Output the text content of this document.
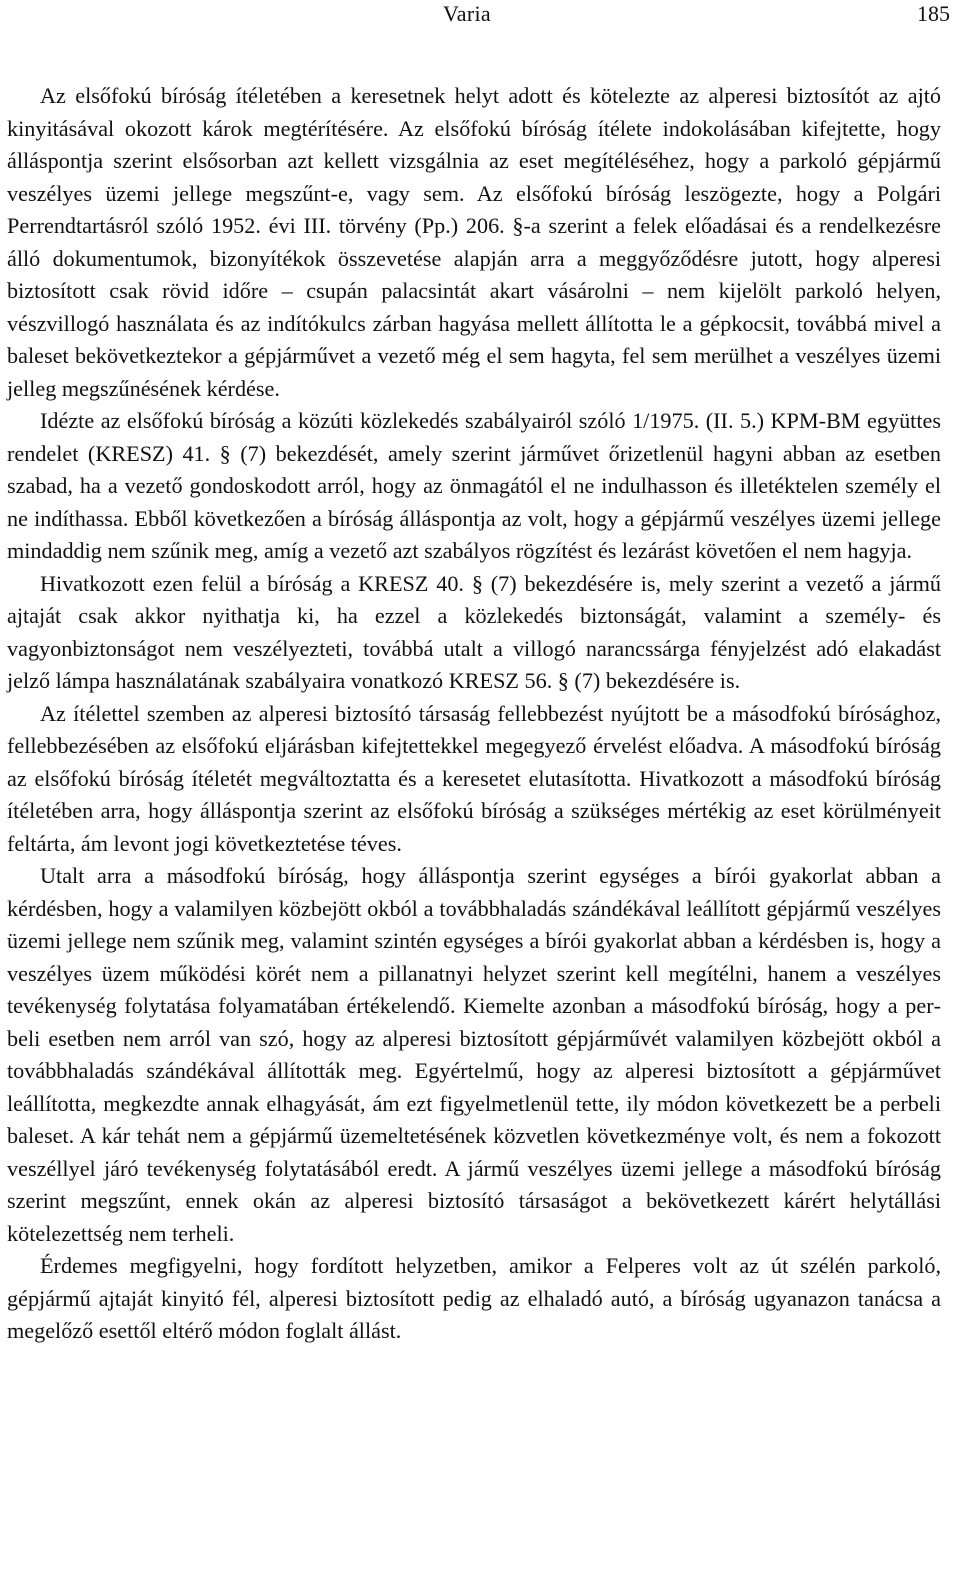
Varia	185

Az elsőfokú bíróság ítéletében a keresetnek helyt adott és kötelezte az alperesi biztosítót az ajtó kinyitásával okozott károk megtérítésére. Az elsőfokú bíróság ítélete indokolásában kifejtette, hogy álláspontja szerint elsősorban azt kellett vizsgálnia az eset megítéléséhez, hogy a parkoló gépjármű veszélyes üzemi jellege megszűnt-e, vagy sem. Az elsőfokú bíróság leszögezte, hogy a Polgári Perrendtartásról szóló 1952. évi III. törvény (Pp.) 206. §-a szerint a felek előadásai és a rendelkezésre álló dokumentumok, bizonyítékok összevetése alapján arra a meggyőződésre jutott, hogy alperesi biztosított csak rövid időre – csupán palacsintát akart vásárolni – nem kijelölt parkoló helyen, vészvillogó használata és az indítókulcs zárban hagyása mellett állította le a gépkocsit, továbbá mivel a baleset bekövetkeztekor a gépjárművet a vezető még el sem hagyta, fel sem merülhet a veszélyes üzemi jelleg megszűnésének kérdése.

Idézte az elsőfokú bíróság a közúti közlekedés szabályairól szóló 1/1975. (II. 5.) KPM-BM együttes rendelet (KRESZ) 41. § (7) bekezdését, amely szerint járművet őrizetlenül hagyni abban az esetben szabad, ha a vezető gondoskodott arról, hogy az önmagától el ne indulhasson és illetéktelen személy el ne indíthassa. Ebből következően a bíróság álláspontja az volt, hogy a gépjármű veszélyes üzemi jellege mindaddig nem szűnik meg, amíg a vezető azt szabályos rögzítést és lezárást követően el nem hagyja.

Hivatkozott ezen felül a bíróság a KRESZ 40. § (7) bekezdésére is, mely szerint a vezető a jármű ajtaját csak akkor nyithatja ki, ha ezzel a közlekedés biztonságát, valamint a személy- és vagyonbiztonságot nem veszélyezteti, továbbá utalt a villogó narancssárga fényjelzést adó elakadást jelző lámpa használatának szabályaira vonatkozó KRESZ 56. § (7) bekezdésére is.

Az ítélettel szemben az alperesi biztosító társaság fellebbezést nyújtott be a másodfokú bírósághoz, fellebbezésében az elsőfokú eljárásban kifejtettekkel megegyező érvelést előadva. A másodfokú bíróság az elsőfokú bíróság ítéletét megváltoztatta és a keresetet elutasította. Hivatkozott a másodfokú bíróság ítéletében arra, hogy álláspontja szerint az elsőfokú bíróság a szükséges mértékig az eset körülményeit feltárta, ám levont jogi következtetése téves.

Utalt arra a másodfokú bíróság, hogy álláspontja szerint egységes a bírói gyakorlat abban a kérdésben, hogy a valamilyen közbejött okból a továbbhaladás szándékával leállított gépjármű veszélyes üzemi jellege nem szűnik meg, valamint szintén egységes a bírói gyakorlat abban a kérdésben is, hogy a veszélyes üzem működési körét nem a pillanatnyi helyzet szerint kell megítélni, hanem a veszélyes tevékenység folytatása folyamatában értékelendő. Kiemelte azonban a másodfokú bíróság, hogy a perbeli esetben nem arról van szó, hogy az alperesi biztosított gépjárművét valamilyen közbejött okból a továbbhaladás szándékával állították meg. Egyértelmű, hogy az alperesi biztosított a gépjárművet leállította, megkezdte annak elhagyását, ám ezt figyelmetlenül tette, ily módon következett be a perbeli baleset. A kár tehát nem a gépjármű üzemeltetésének közvetlen következménye volt, és nem a fokozott veszéllyel járó tevékenység folytatásából eredt. A jármű veszélyes üzemi jellege a másodfokú bíróság szerint megszűnt, ennek okán az alperesi biztosító társaságot a bekövetkezett kárért helytállási kötelezettség nem terheli.

Érdemes megfigyelni, hogy fordított helyzetben, amikor a Felperes volt az út szélén parkoló, gépjármű ajtaját kinyitó fél, alperesi biztosított pedig az elhaladó autó, a bíróság ugyanazon tanácsa a megelőző esettől eltérő módon foglalt állást.
